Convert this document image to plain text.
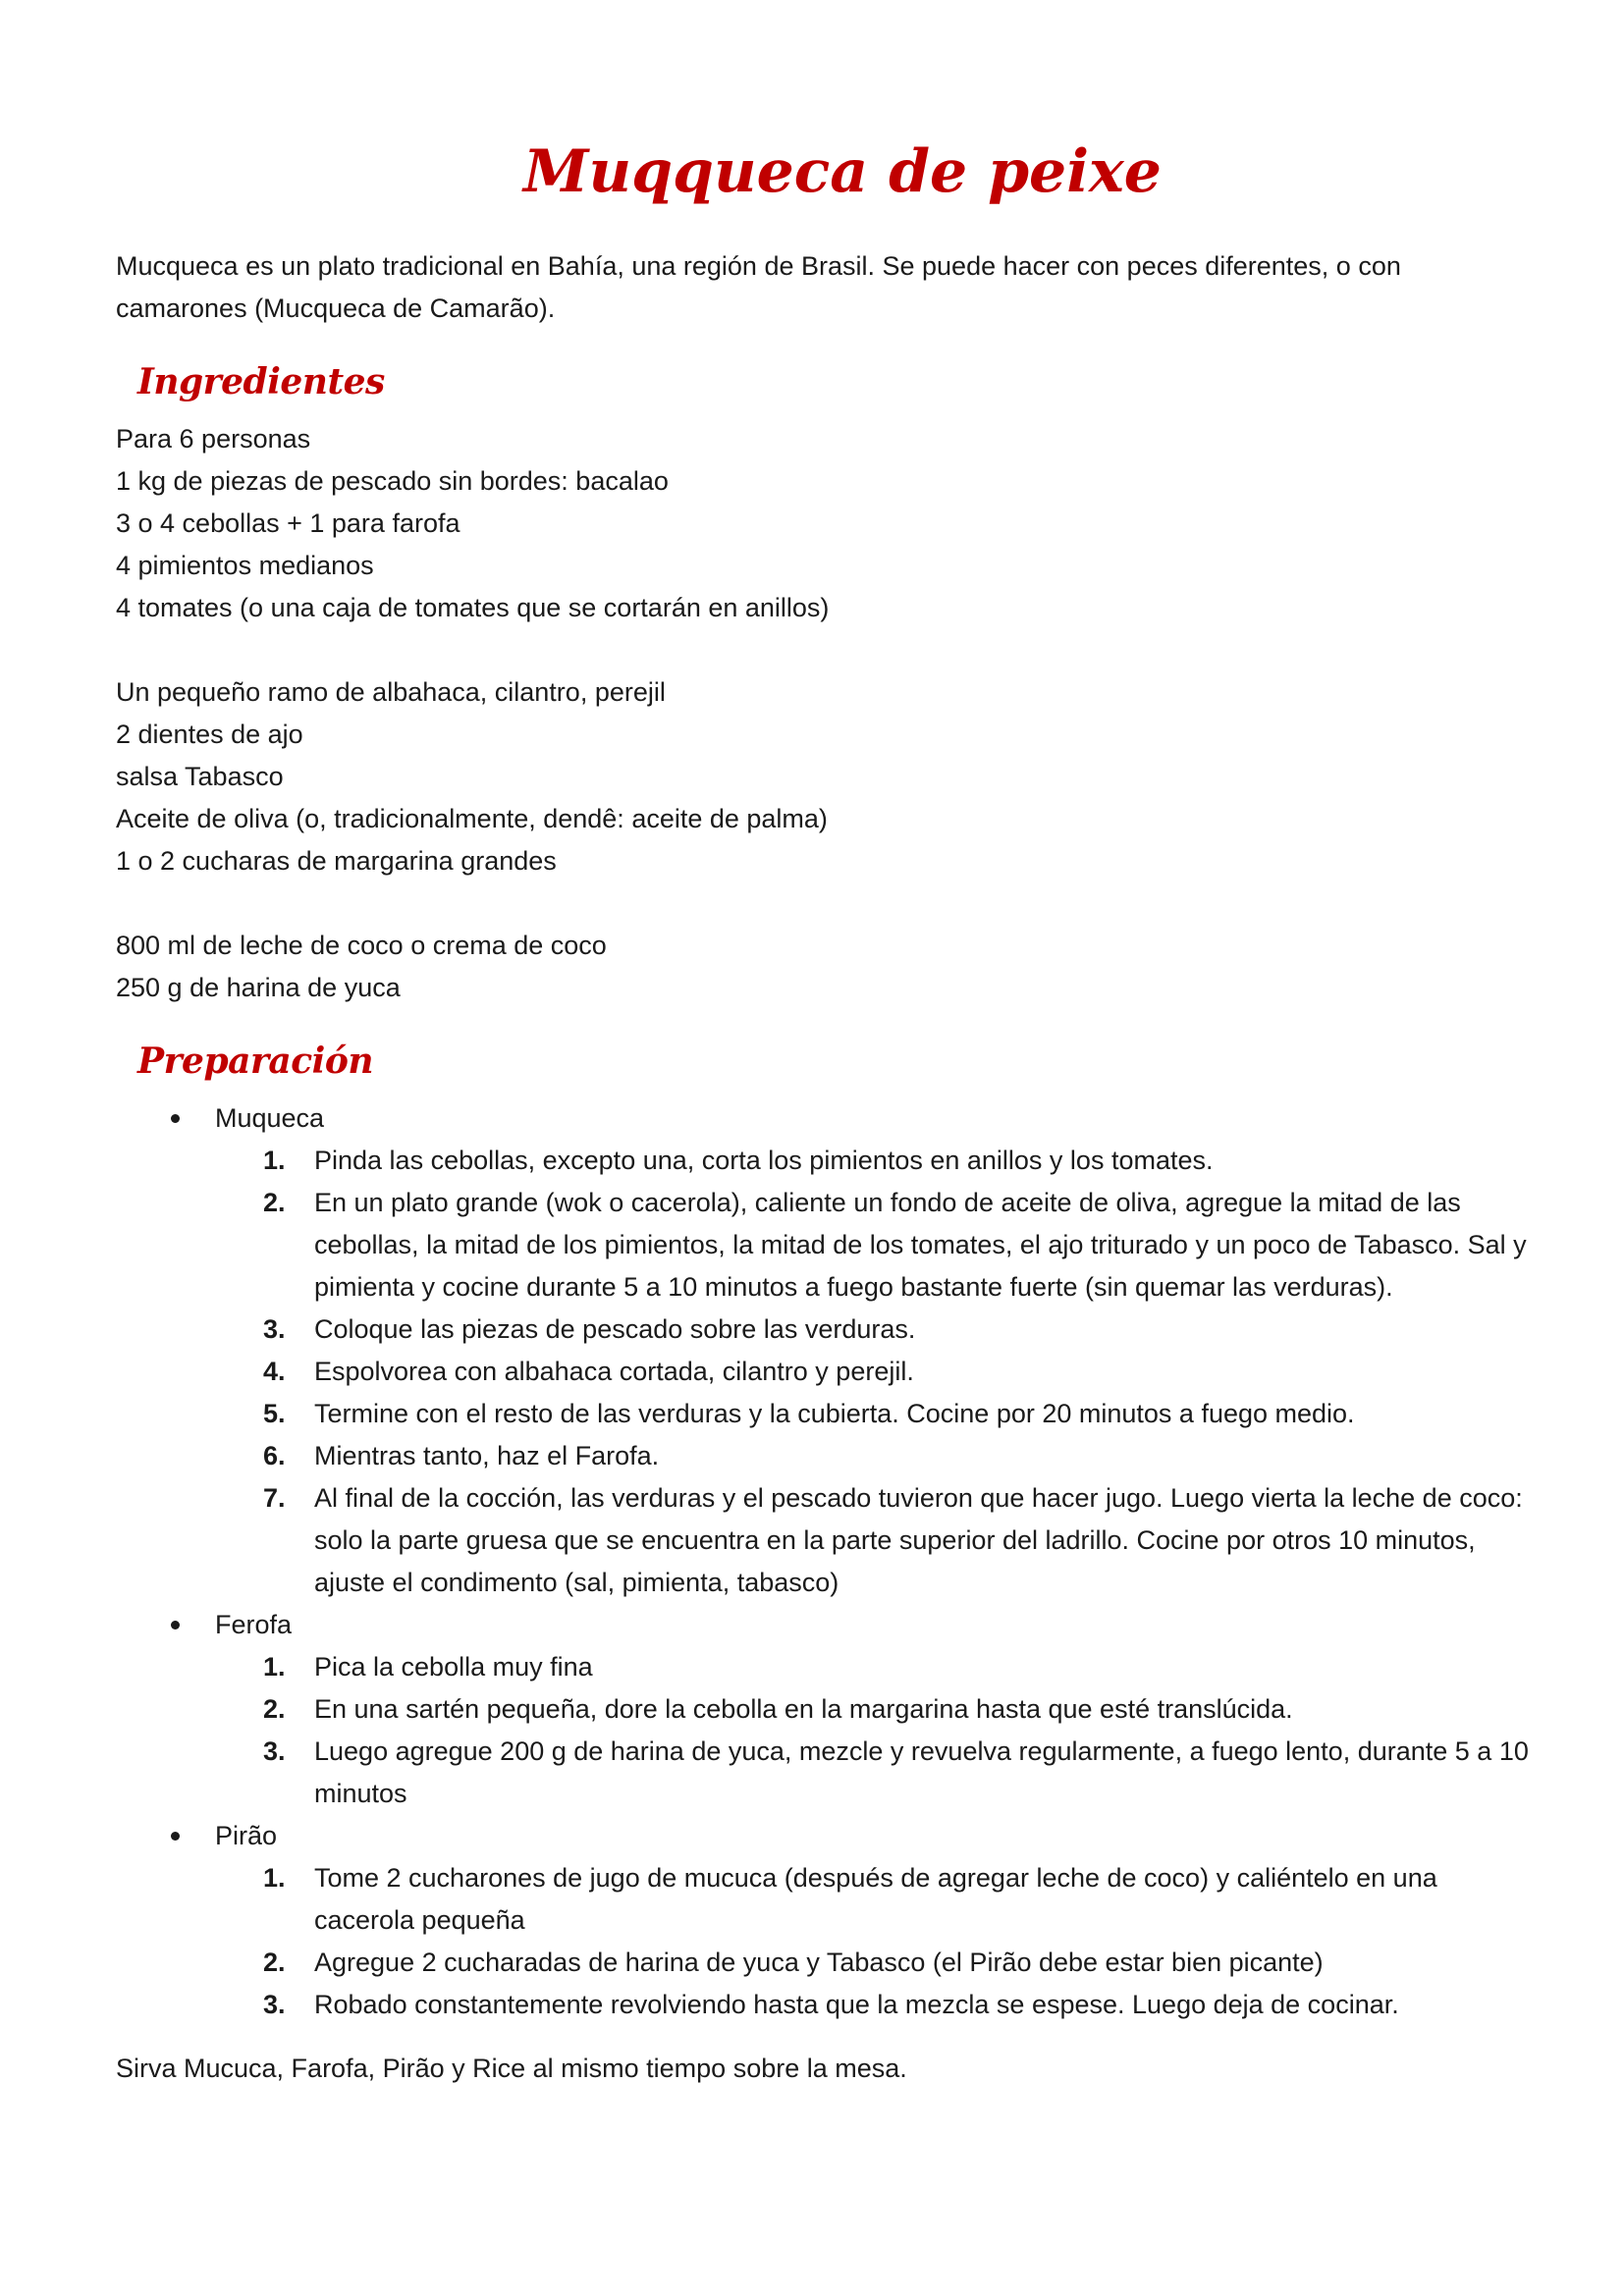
Muqqueca de peixe

Mucqueca es un plato tradicional en Bahía, una región de Brasil. Se puede hacer con peces diferentes, o con camarones (Mucqueca de Camarão).

Ingredientes
Para 6 personas
1 kg de piezas de pescado sin bordes: bacalao
3 o 4 cebollas + 1 para farofa
4 pimientos medianos
4 tomates (o una caja de tomates que se cortarán en anillos)
Un pequeño ramo de albahaca, cilantro, perejil
2 dientes de ajo
salsa Tabasco
Aceite de oliva (o, tradicionalmente, dendê: aceite de palma)
1 o 2 cucharas de margarina grandes
800 ml de leche de coco o crema de coco
250 g de harina de yuca
Preparación
Muqueca
1. Pinda las cebollas, excepto una, corta los pimientos en anillos y los tomates.
2. En un plato grande (wok o cacerola), caliente un fondo de aceite de oliva, agregue la mitad de las cebollas, la mitad de los pimientos, la mitad de los tomates, el ajo triturado y un poco de Tabasco. Sal y pimienta y cocine durante 5 a 10 minutos a fuego bastante fuerte (sin quemar las verduras).
3. Coloque las piezas de pescado sobre las verduras.
4. Espolvorea con albahaca cortada, cilantro y perejil.
5. Termine con el resto de las verduras y la cubierta. Cocine por 20 minutos a fuego medio.
6. Mientras tanto, haz el Farofa.
7. Al final de la cocción, las verduras y el pescado tuvieron que hacer jugo. Luego vierta la leche de coco: solo la parte gruesa que se encuentra en la parte superior del ladrillo. Cocine por otros 10 minutos, ajuste el condimento (sal, pimienta, tabasco)
Ferofa
1. Pica la cebolla muy fina
2. En una sartén pequeña, dore la cebolla en la margarina hasta que esté translúcida.
3. Luego agregue 200 g de harina de yuca, mezcle y revuelva regularmente, a fuego lento, durante 5 a 10 minutos
Pirão
1. Tome 2 cucharones de jugo de mucuca (después de agregar leche de coco) y caliéntelo en una cacerola pequeña
2. Agregue 2 cucharadas de harina de yuca y Tabasco (el Pirão debe estar bien picante)
3. Robado constantemente revolviendo hasta que la mezcla se espese. Luego deja de cocinar.

Sirva Mucuca, Farofa, Pirão y Rice al mismo tiempo sobre la mesa.
